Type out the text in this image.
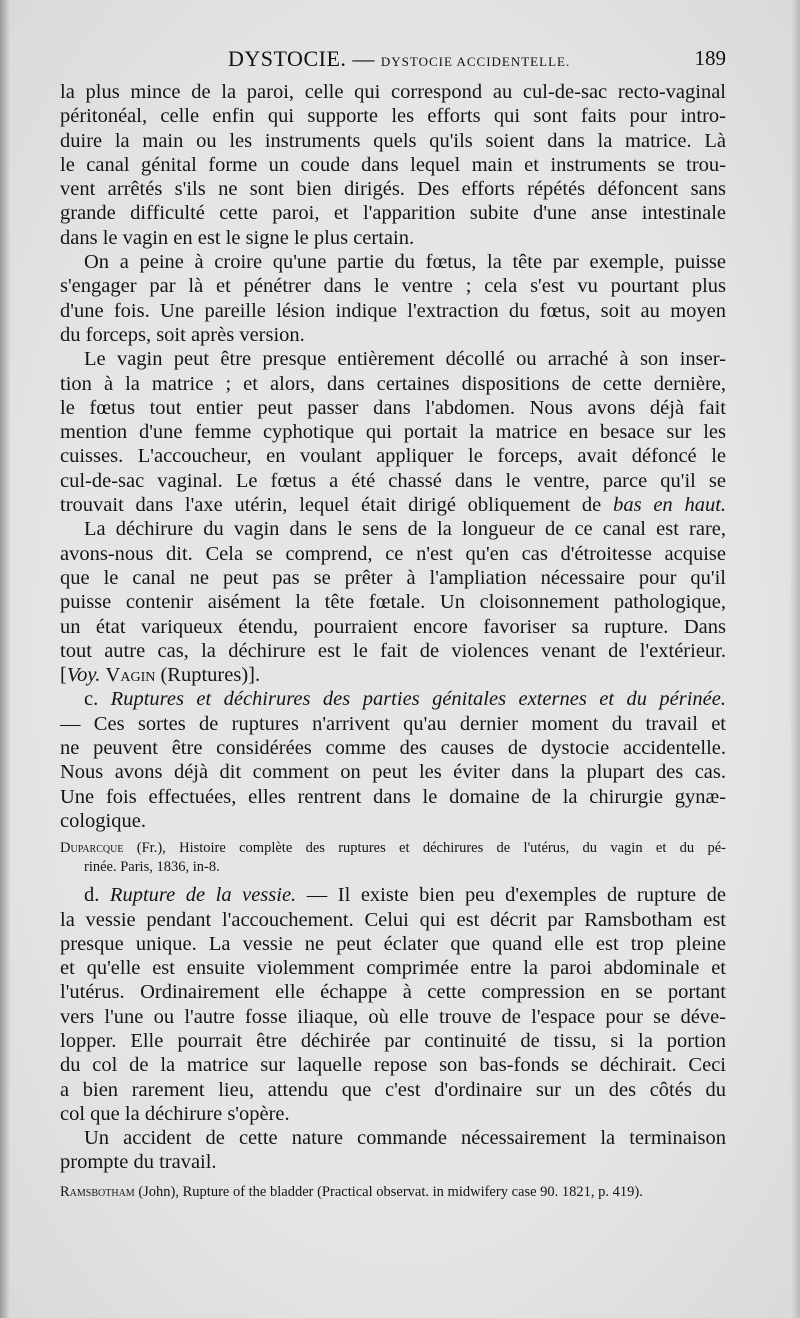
DYSTOCIE. — DYSTOCIE ACCIDENTELLE.	189
la plus mince de la paroi, celle qui correspond au cul-de-sac recto-vaginal
péritonéal, celle enfin qui supporte les efforts qui sont faits pour intro-
duire la main ou les instruments quels qu'ils soient dans la matrice. Là
le canal génital forme un coude dans lequel main et instruments se trou-
vent arrêtés s'ils ne sont bien dirigés. Des efforts répétés défoncent sans
grande difficulté cette paroi, et l'apparition subite d'une anse intestinale
dans le vagin en est le signe le plus certain.
On a peine à croire qu'une partie du fœtus, la tête par exemple, puisse
s'engager par là et pénétrer dans le ventre ; cela s'est vu pourtant plus
d'une fois. Une pareille lésion indique l'extraction du fœtus, soit au moyen
du forceps, soit après version.
Le vagin peut être presque entièrement décollé ou arraché à son inser-
tion à la matrice ; et alors, dans certaines dispositions de cette dernière,
le fœtus tout entier peut passer dans l'abdomen. Nous avons déjà fait
mention d'une femme cyphotique qui portait la matrice en besace sur les
cuisses. L'accoucheur, en voulant appliquer le forceps, avait défoncé le
cul-de-sac vaginal. Le fœtus a été chassé dans le ventre, parce qu'il se
trouvait dans l'axe utérin, lequel était dirigé obliquement de bas en haut.
La déchirure du vagin dans le sens de la longueur de ce canal est rare,
avons-nous dit. Cela se comprend, ce n'est qu'en cas d'étroitesse acquise
que le canal ne peut pas se prêter à l'ampliation nécessaire pour qu'il
puisse contenir aisément la tête fœtale. Un cloisonnement pathologique,
un état variqueux étendu, pourraient encore favoriser sa rupture. Dans
tout autre cas, la déchirure est le fait de violences venant de l'extérieur.
[Voy. Vagin (Ruptures)].
c. Ruptures et déchirures des parties génitales externes et du périnée.
— Ces sortes de ruptures n'arrivent qu'au dernier moment du travail et
ne peuvent être considérées comme des causes de dystocie accidentelle.
Nous avons déjà dit comment on peut les éviter dans la plupart des cas.
Une fois effectuées, elles rentrent dans le domaine de la chirurgie gynæ-
cologique.
Duparcque (Fr.), Histoire complète des ruptures et déchirures de l'utérus, du vagin et du pé-
rinée. Paris, 1836, in-8.
d. Rupture de la vessie. — Il existe bien peu d'exemples de rupture de
la vessie pendant l'accouchement. Celui qui est décrit par Ramsbotham est
presque unique. La vessie ne peut éclater que quand elle est trop pleine
et qu'elle est ensuite violemment comprimée entre la paroi abdominale et
l'utérus. Ordinairement elle échappe à cette compression en se portant
vers l'une ou l'autre fosse iliaque, où elle trouve de l'espace pour se déve-
lopper. Elle pourrait être déchirée par continuité de tissu, si la portion
du col de la matrice sur laquelle repose son bas-fonds se déchirait. Ceci
a bien rarement lieu, attendu que c'est d'ordinaire sur un des côtés du
col que la déchirure s'opère.
Un accident de cette nature commande nécessairement la terminaison
prompte du travail.
Ramsbotham (John), Rupture of the bladder (Practical observat. in midwifery case 90. 1821, p. 419).
